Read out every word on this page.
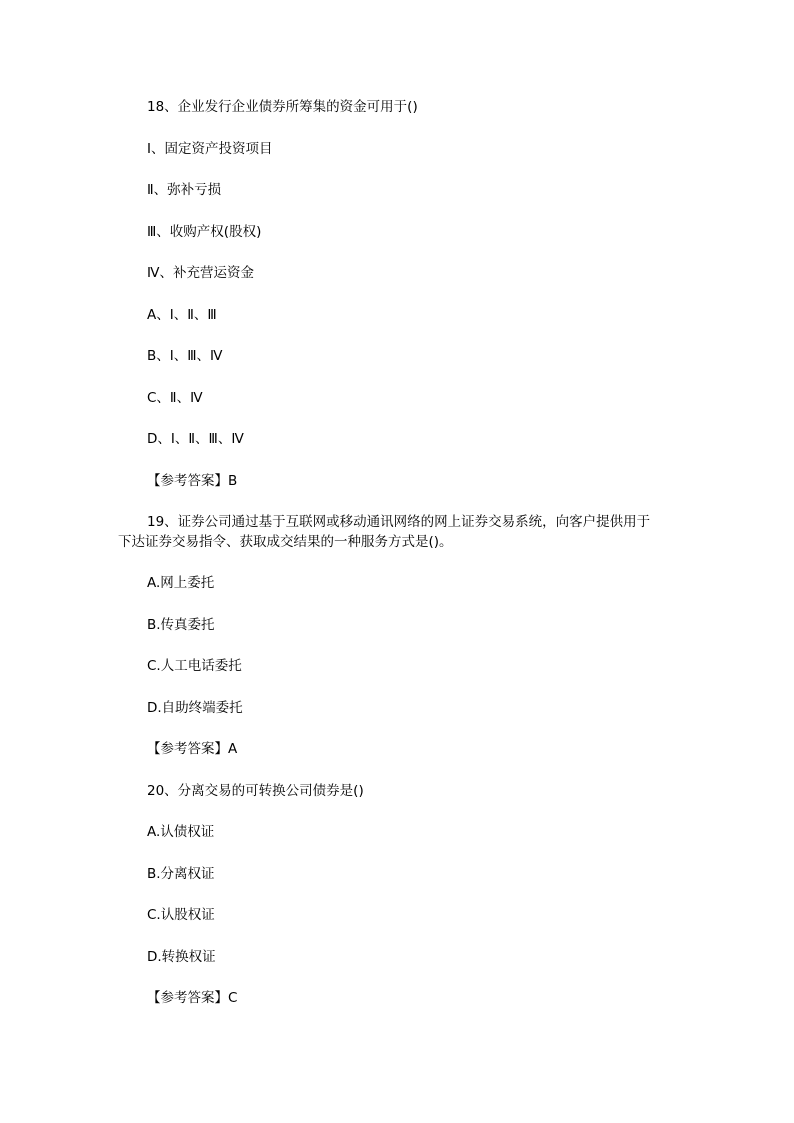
18、企业发行企业债券所筹集的资金可用于()

Ⅰ、固定资产投资项目

Ⅱ、弥补亏损

Ⅲ、收购产权(股权)

Ⅳ、补充营运资金

A、Ⅰ、Ⅱ、Ⅲ

B、Ⅰ、Ⅲ、Ⅳ

C、Ⅱ、Ⅳ

D、Ⅰ、Ⅱ、Ⅲ、Ⅳ

【参考答案】B

19、证券公司通过基于互联网或移动通讯网络的网上证券交易系统，向客户提供用于
下达证券交易指令、获取成交结果的一种服务方式是()。

A.网上委托

B.传真委托

C.人工电话委托

D.自助终端委托

【参考答案】A

20、分离交易的可转换公司债券是()

A.认债权证

B.分离权证

C.认股权证

D.转换权证

【参考答案】C
